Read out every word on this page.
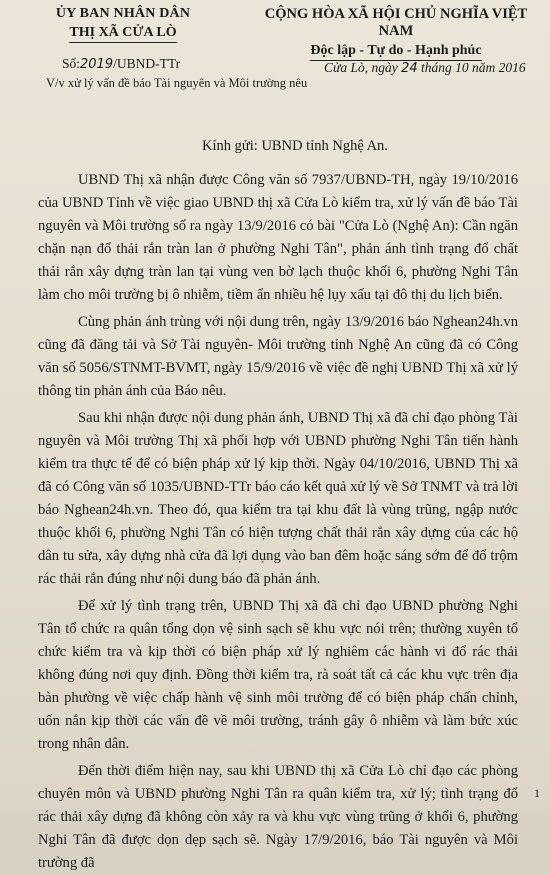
ỦY BAN NHÂN DÂN
THỊ XÃ CỬA LÒ
CỘNG HÒA XÃ HỘI CHỦ NGHĨA VIỆT NAM
Độc lập - Tự do - Hạnh phúc
Số:2019/UBND-TTr
V/v xử lý vấn đề báo Tài nguyên và Môi trường nêu
Cửa Lò, ngày 24 tháng 10 năm 2016
Kính gửi: UBND tỉnh Nghệ An.

UBND Thị xã nhận được Công văn số 7937/UBND-TH, ngày 19/10/2016 của UBND Tỉnh về việc giao UBND thị xã Cửa Lò kiểm tra, xử lý vấn đề báo Tài nguyên và Môi trường số ra ngày 13/9/2016 có bài "Cửa Lò (Nghệ An): Cần ngăn chặn nạn đổ thải rắn tràn lan ở phường Nghi Tân", phản ánh tình trạng đổ chất thải rắn xây dựng tràn lan tại vùng ven bờ lạch thuộc khối 6, phường Nghi Tân làm cho môi trường bị ô nhiễm, tiềm ẩn nhiều hệ lụy xấu tại đô thị du lịch biển.

Cùng phản ánh trùng với nội dung trên, ngày 13/9/2016 báo Nghean24h.vn cũng đã đăng tải và Sở Tài nguyên- Môi trường tỉnh Nghệ An cũng đã có Công văn số 5056/STNMT-BVMT, ngày 15/9/2016 về việc đề nghị UBND Thị xã xử lý thông tin phản ánh của Báo nêu.

Sau khi nhận được nội dung phản ánh, UBND Thị xã đã chỉ đạo phòng Tài nguyên và Môi trường Thị xã phối hợp với UBND phường Nghi Tân tiến hành kiểm tra thực tế để có biện pháp xử lý kịp thời. Ngày 04/10/2016, UBND Thị xã đã có Công văn số 1035/UBND-TTr báo cáo kết quả xử lý về Sở TNMT và trả lời báo Nghean24h.vn. Theo đó, qua kiểm tra tại khu đất là vùng trũng, ngập nước thuộc khối 6, phường Nghi Tân có hiện tượng chất thải rắn xây dựng của các hộ dân tu sửa, xây dựng nhà cửa đã lợi dụng vào ban đêm hoặc sáng sớm để đổ trộm rác thải rắn đúng như nội dung báo đã phản ánh.

Để xử lý tình trạng trên, UBND Thị xã đã chỉ đạo UBND phường Nghi Tân tổ chức ra quân tổng dọn vệ sinh sạch sẽ khu vực nói trên; thường xuyên tổ chức kiểm tra và kịp thời có biện pháp xử lý nghiêm các hành vi đổ rác thải không đúng nơi quy định. Đồng thời kiểm tra, rà soát tất cả các khu vực trên địa bàn phường về việc chấp hành vệ sinh môi trường để có biện pháp chấn chỉnh, uốn nắn kịp thời các vấn đề về môi trường, tránh gây ô nhiễm và làm bức xúc trong nhân dân.

Đến thời điểm hiện nay, sau khi UBND thị xã Cửa Lò chỉ đạo các phòng chuyên môn và UBND phường Nghi Tân ra quân kiểm tra, xử lý; tình trạng đổ rác thải xây dựng đã không còn xảy ra và khu vực vùng trũng ở khối 6, phường Nghi Tân đã được dọn dẹp sạch sẽ. Ngày 17/9/2016, báo Tài nguyên và Môi trường đã

1
